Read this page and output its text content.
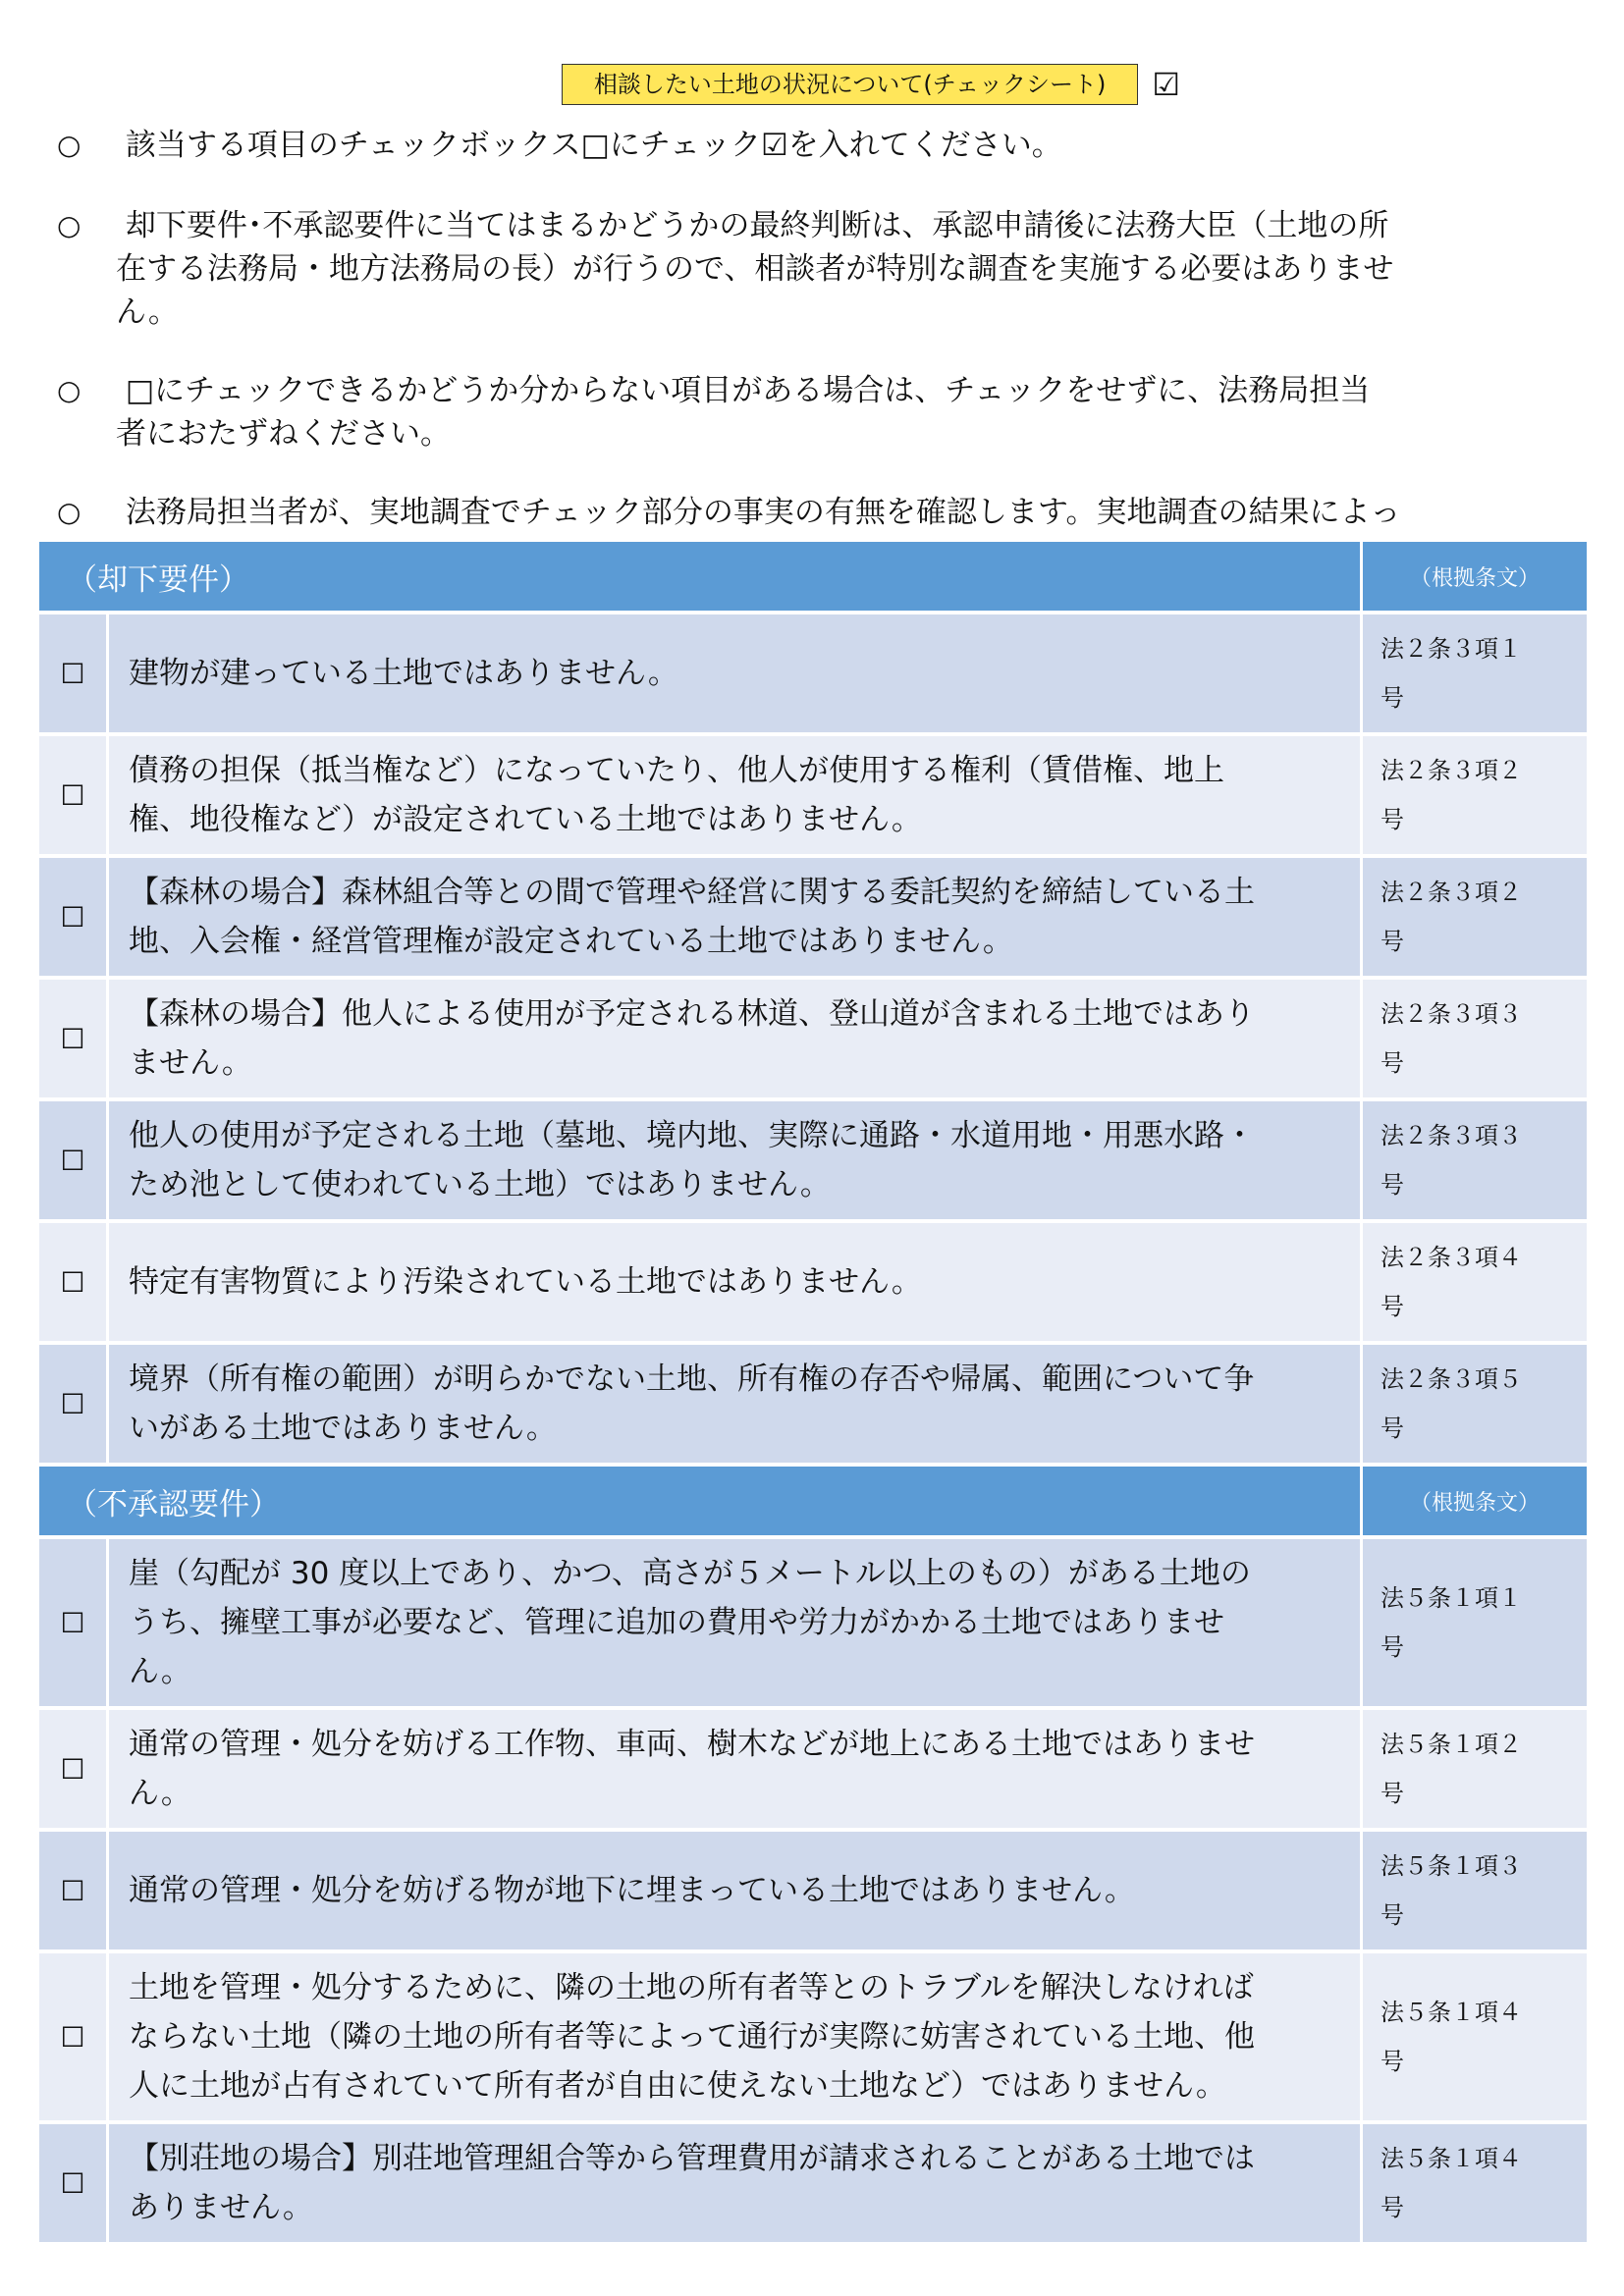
相談したい土地の状況について(チェックシート)	☑
○	該当する項目のチェックボックス□にチェック☑を入れてください。
○	却下要件･不承認要件に当てはまるかどうかの最終判断は、承認申請後に法務大臣（土地の所
在する法務局・地方法務局の長）が行うので、相談者が特別な調査を実施する必要はありませ
ん。
○	□にチェックできるかどうか分からない項目がある場合は、チェックをせずに、法務局担当
者におたずねください。
○	法務局担当者が、実地調査でチェック部分の事実の有無を確認します。実地調査の結果によっ
（却下要件）		（根拠条文）
☐	建物が建っている土地ではありません。	法２条３項１
号
☐	債務の担保（抵当権など）になっていたり、他人が使用する権利（賃借権、地上
権、地役権など）が設定されている土地ではありません。	法２条３項２
号
☐	【森林の場合】森林組合等との間で管理や経営に関する委託契約を締結している土
地、入会権・経営管理権が設定されている土地ではありません。	法２条３項２
号
☐	【森林の場合】他人による使用が予定される林道、登山道が含まれる土地ではあり
ません。	法２条３項３
号
☐	他人の使用が予定される土地（墓地、境内地、実際に通路・水道用地・用悪水路・
ため池として使われている土地）ではありません。	法２条３項３
号
☐	特定有害物質により汚染されている土地ではありません。	法２条３項４
号
☐	境界（所有権の範囲）が明らかでない土地、所有権の存否や帰属、範囲について争
いがある土地ではありません。	法２条３項５
号
（不承認要件）		（根拠条文）
☐	崖（勾配が 30 度以上であり、かつ、高さが５メートル以上のもの）がある土地の
うち、擁壁工事が必要など、管理に追加の費用や労力がかかる土地ではありませ
ん。	法５条１項１
号
☐	通常の管理・処分を妨げる工作物、車両、樹木などが地上にある土地ではありませ
ん。	法５条１項２
号
☐	通常の管理・処分を妨げる物が地下に埋まっている土地ではありません。	法５条１項３
号
☐	土地を管理・処分するために、隣の土地の所有者等とのトラブルを解決しなければ
ならない土地（隣の土地の所有者等によって通行が実際に妨害されている土地、他
人に土地が占有されていて所有者が自由に使えない土地など）ではありません。	法５条１項４
号
☐	【別荘地の場合】別荘地管理組合等から管理費用が請求されることがある土地では
ありません。	法５条１項４
号
